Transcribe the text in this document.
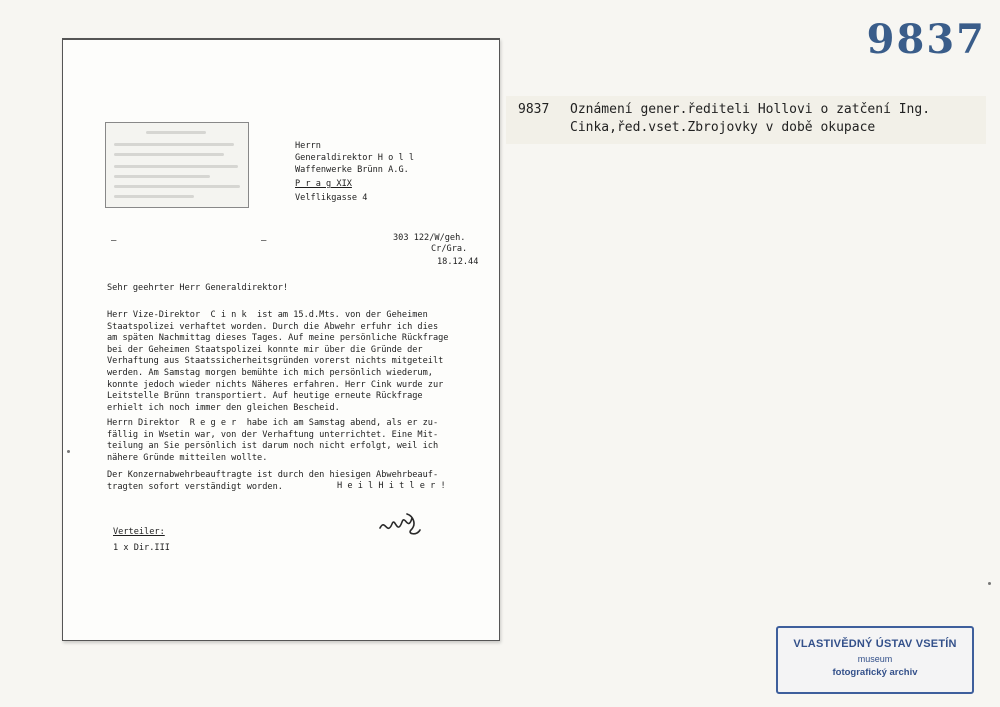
9837
9837 Oznámení gener.řediteli Hollovi o zatčení Ing. Cinka,řed.vset.Zbrojovky v době okupace
Herrn
Generaldirektor H o l l
Waffenwerke Brünn A.G.
P r a g XIX
Velflikgasse 4
–	–	303 122/W/geh.
Cr/Gra.
18.12.44
Sehr geehrter Herr Generaldirektor!
Herr Vize-Direktor  C i n k  ist am 15.d.Mts. von der Geheimen
Staatspolizei verhaftet worden. Durch die Abwehr erfuhr ich dies
am späten Nachmittag dieses Tages. Auf meine persönliche Rückfrage
bei der Geheimen Staatspolizei konnte mir über die Gründe der
Verhaftung aus Staatssicherheitsgründen vorerst nichts mitgeteilt
werden. Am Samstag morgen bemühte ich mich persönlich wiederum,
konnte jedoch wieder nichts Näheres erfahren. Herr Cink wurde zur
Leitstelle Brünn transportiert. Auf heutige erneute Rückfrage
erhielt ich noch immer den gleichen Bescheid.
Herrn Direktor  R e g e r  habe ich am Samstag abend, als er zu-
fällig in Wsetin war, von der Verhaftung unterrichtet. Eine Mit-
teilung an Sie persönlich ist darum noch nicht erfolgt, weil ich
nähere Gründe mitteilen wollte.
Der Konzernabwehrbeauftragte ist durch den hiesigen Abwehrbeauf-
tragten sofort verständigt worden.	H e i l H i t l e r !
Verteiler:
1 x Dir.III
VLASTIVĚDNÝ ÚSTAV VSETÍN
museum
fotografický archiv
